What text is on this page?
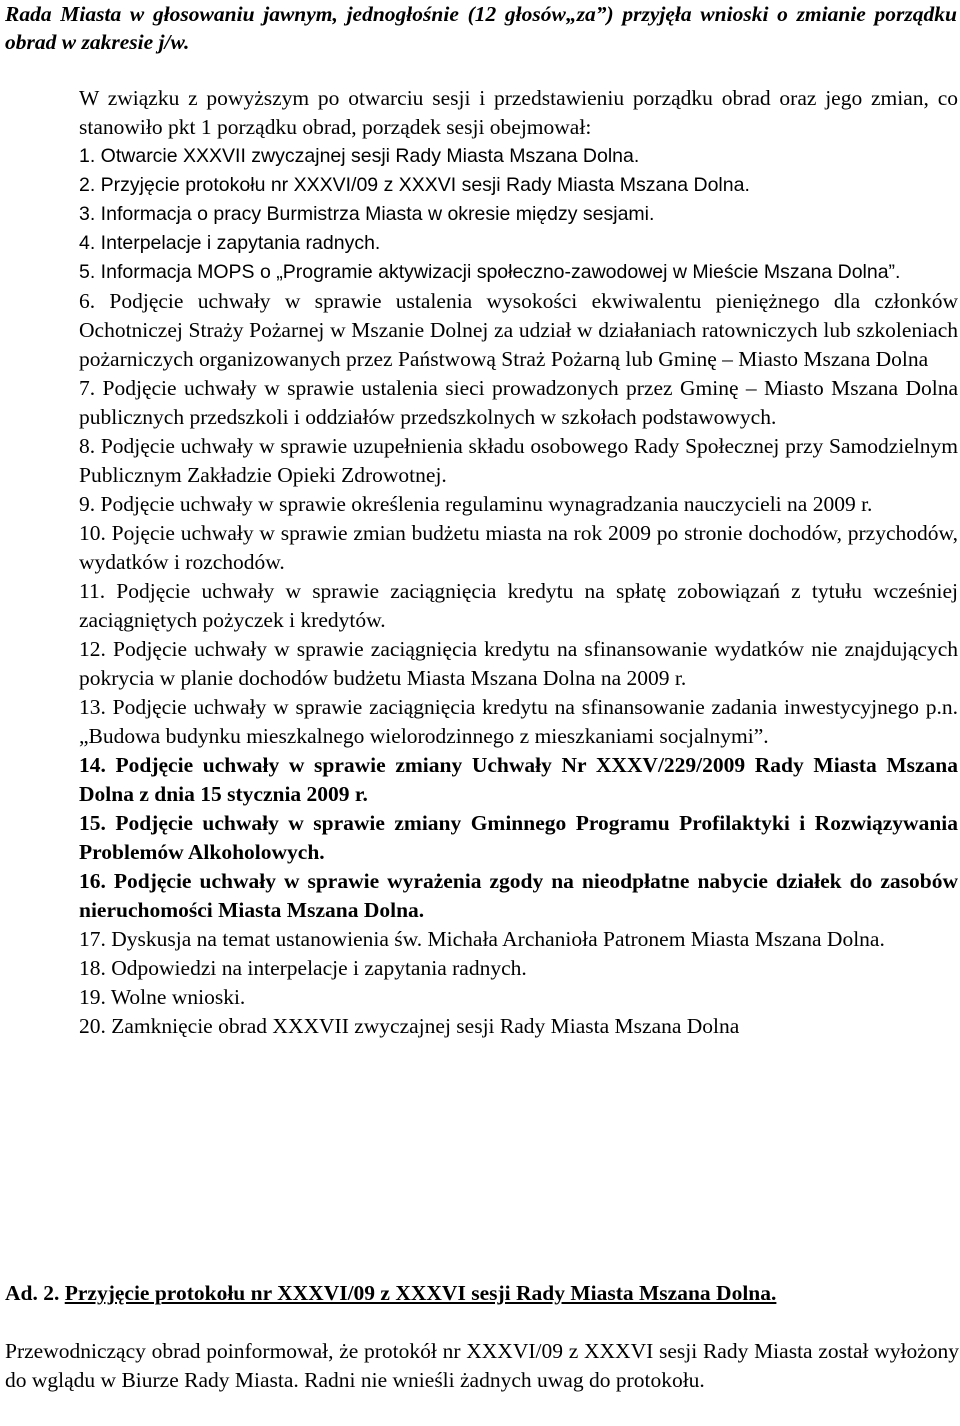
Rada Miasta w głosowaniu jawnym, jednogłośnie (12 głosów„za”) przyjęła wnioski o zmianie porządku obrad w zakresie j/w.

W związku z powyższym po otwarciu sesji i przedstawieniu porządku obrad oraz jego zmian, co stanowiło pkt 1 porządku obrad, porządek sesji obejmował:

1. Otwarcie XXXVII zwyczajnej sesji Rady Miasta Mszana Dolna.

2. Przyjęcie protokołu nr XXXVI/09 z XXXVI sesji Rady Miasta Mszana Dolna.

3. Informacja o pracy Burmistrza Miasta w okresie między sesjami.

4. Interpelacje i zapytania radnych.

5. Informacja MOPS o „Programie aktywizacji społeczno-zawodowej w Mieście Mszana Dolna”.

6. Podjęcie uchwały w sprawie ustalenia wysokości ekwiwalentu pieniężnego dla członków Ochotniczej Straży Pożarnej w Mszanie Dolnej za udział w działaniach ratowniczych lub szkoleniach pożarniczych organizowanych przez Państwową Straż Pożarną lub Gminę – Miasto Mszana Dolna

7. Podjęcie uchwały w sprawie ustalenia sieci prowadzonych przez Gminę – Miasto Mszana Dolna publicznych przedszkoli i oddziałów przedszkolnych w szkołach podstawowych.

8. Podjęcie uchwały w sprawie uzupełnienia składu osobowego Rady Społecznej przy Samodzielnym Publicznym Zakładzie Opieki Zdrowotnej.

9. Podjęcie uchwały w sprawie określenia regulaminu wynagradzania nauczycieli na 2009 r.

10. Pojęcie uchwały w sprawie zmian budżetu miasta na rok 2009 po stronie dochodów, przychodów, wydatków i rozchodów.

11. Podjęcie uchwały w sprawie zaciągnięcia kredytu na spłatę zobowiązań z tytułu wcześniej zaciągniętych pożyczek i kredytów.

12. Podjęcie uchwały w sprawie zaciągnięcia kredytu na sfinansowanie wydatków nie znajdujących pokrycia w planie dochodów budżetu Miasta Mszana Dolna na 2009 r.

13. Podjęcie uchwały w sprawie zaciągnięcia kredytu na sfinansowanie zadania inwestycyjnego p.n. „Budowa budynku mieszkalnego wielorodzinnego z mieszkaniami socjalnymi”.

14. Podjęcie uchwały w sprawie zmiany Uchwały Nr XXXV/229/2009 Rady Miasta Mszana Dolna z dnia 15 stycznia 2009 r.

15. Podjęcie uchwały w sprawie zmiany Gminnego Programu Profilaktyki i Rozwiązywania Problemów Alkoholowych.

16. Podjęcie uchwały w sprawie wyrażenia zgody na nieodpłatne nabycie działek do zasobów nieruchomości Miasta Mszana Dolna.

17. Dyskusja na temat ustanowienia św. Michała Archanioła Patronem Miasta Mszana Dolna.

18. Odpowiedzi na interpelacje i zapytania radnych.

19. Wolne wnioski.

20. Zamknięcie obrad XXXVII zwyczajnej sesji Rady Miasta Mszana Dolna

Ad. 2. Przyjęcie protokołu nr XXXVI/09 z XXXVI sesji Rady Miasta Mszana Dolna.

Przewodniczący obrad poinformował, że protokół nr XXXVI/09 z XXXVI sesji Rady Miasta został wyłożony do wglądu w Biurze Rady Miasta. Radni nie wnieśli żadnych uwag do protokołu.
